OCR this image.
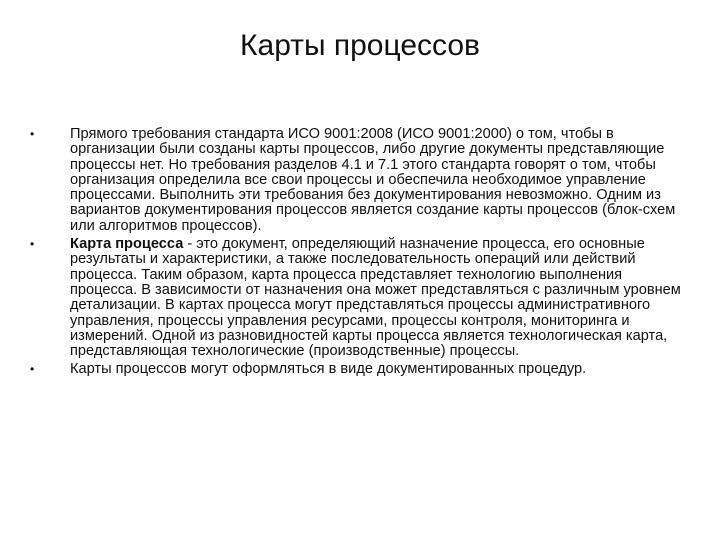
Карты процессов
• Прямого требования стандарта ИСО 9001:2008 (ИСО 9001:2000) о том, чтобы в организации были созданы карты процессов, либо другие документы представляющие процессы нет. Но требования разделов 4.1 и 7.1 этого стандарта говорят о том, чтобы организация определила все свои процессы и обеспечила необходимое управление процессами. Выполнить эти требования без документирования невозможно. Одним из вариантов документирования процессов является создание карты процессов (блок-схем или алгоритмов процессов).
• Карта процесса - это документ, определяющий назначение процесса, его основные результаты и характеристики, а также последовательность операций или действий процесса. Таким образом, карта процесса представляет технологию выполнения процесса. В зависимости от назначения она может представляться с различным уровнем детализации. В картах процесса могут представляться процессы административного управления, процессы управления ресурсами, процессы контроля, мониторинга и измерений. Одной из разновидностей карты процесса является технологическая карта, представляющая технологические (производственные) процессы.
• Карты процессов могут оформляться в виде документированных процедур.
